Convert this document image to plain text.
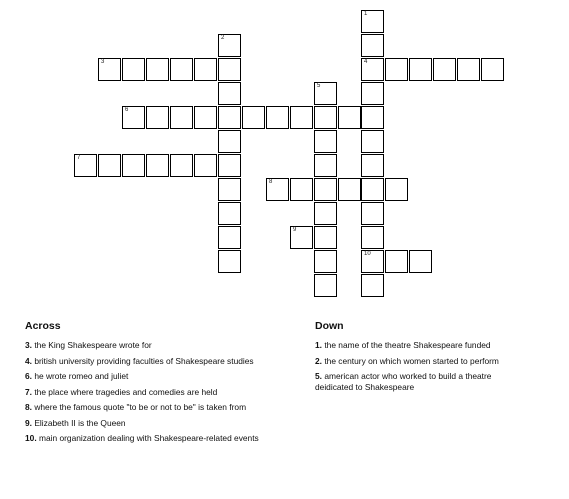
1
4
10
2
3
6
7
5
8
9
Across
3. the King Shakespeare wrote for
4. british university providing faculties of Shakespeare studies
6. he wrote romeo and juliet
7. the place where tragedies and comedies are held
8. where the famous quote "to be or not to be" is taken from
9. Elizabeth II is the Queen
10. main organization dealing with Shakespeare-related events
Down
1. the name of the theatre Shakespeare funded
2. the century on which women started to perform
5. american actor who worked to build a theatre deidicated to Shakespeare
